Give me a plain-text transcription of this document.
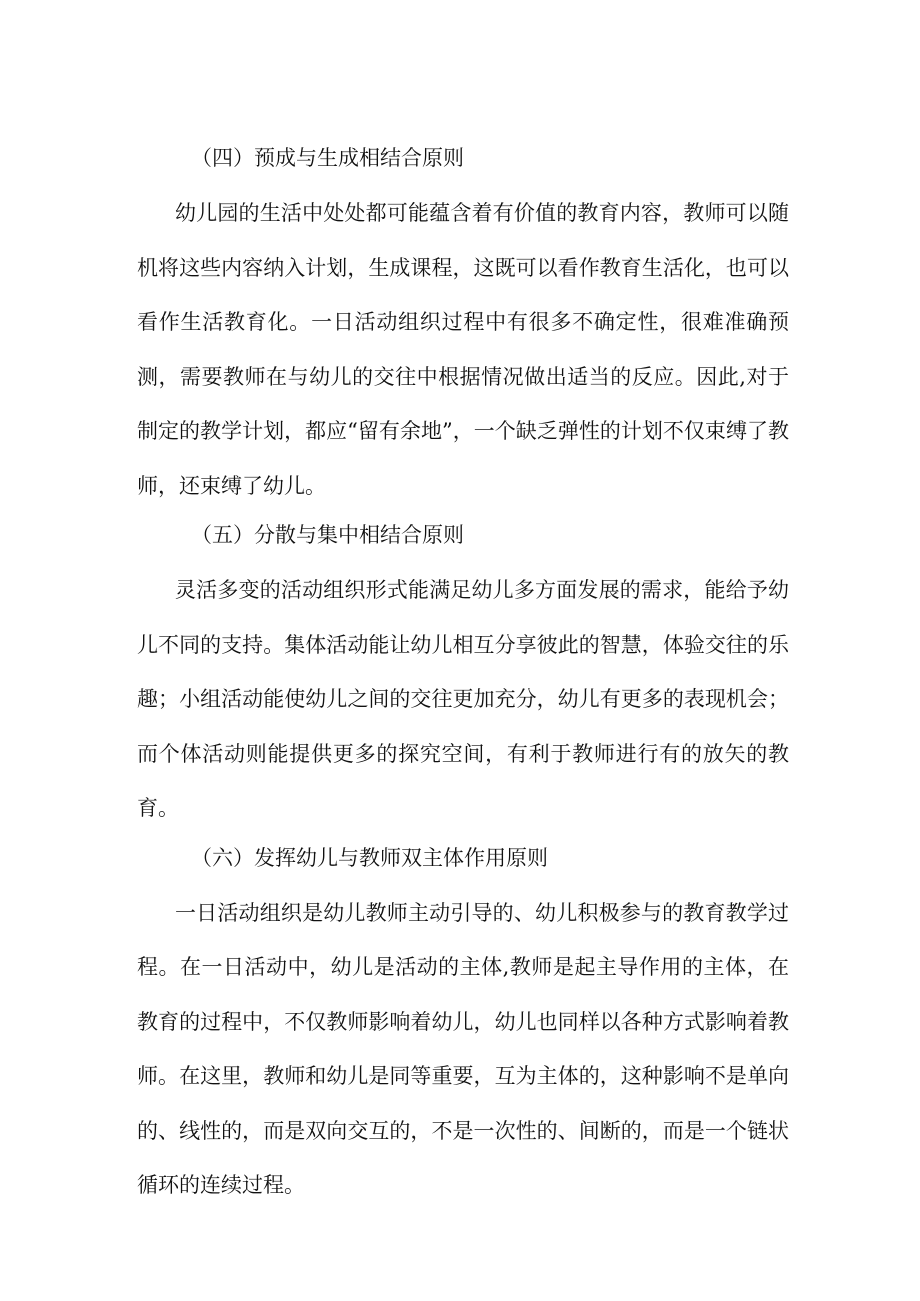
（四）预成与生成相结合原则

幼儿园的生活中处处都可能蕴含着有价值的教育内容，教师可以随机将这些内容纳入计划，生成课程，这既可以看作教育生活化，也可以看作生活教育化。一日活动组织过程中有很多不确定性，很难准确预测，需要教师在与幼儿的交往中根据情况做出适当的反应。因此,对于制定的教学计划，都应“留有余地”，一个缺乏弹性的计划不仅束缚了教师，还束缚了幼儿。

（五）分散与集中相结合原则

灵活多变的活动组织形式能满足幼儿多方面发展的需求，能给予幼儿不同的支持。集体活动能让幼儿相互分享彼此的智慧，体验交往的乐趣；小组活动能使幼儿之间的交往更加充分，幼儿有更多的表现机会；而个体活动则能提供更多的探究空间，有利于教师进行有的放矢的教育。

（六）发挥幼儿与教师双主体作用原则

一日活动组织是幼儿教师主动引导的、幼儿积极参与的教育教学过程。在一日活动中，幼儿是活动的主体,教师是起主导作用的主体，在教育的过程中，不仅教师影响着幼儿，幼儿也同样以各种方式影响着教师。在这里，教师和幼儿是同等重要，互为主体的，这种影响不是单向的、线性的，而是双向交互的，不是一次性的、间断的，而是一个链状循环的连续过程。
